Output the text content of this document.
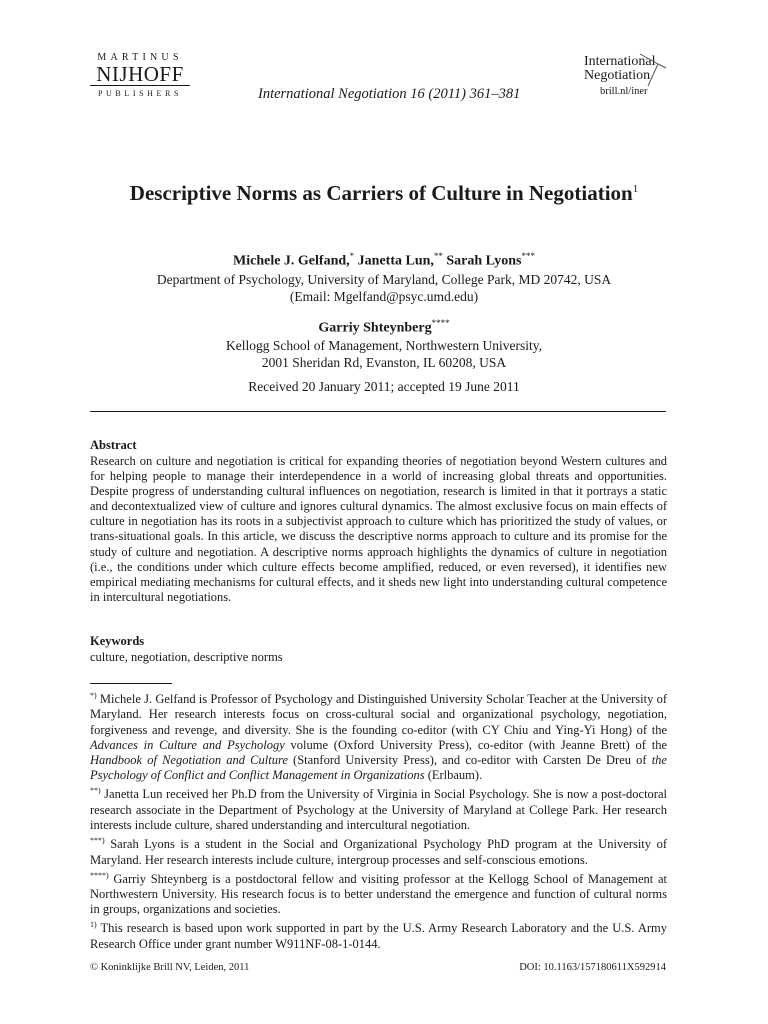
MARTINUS
NIJHOFF
PUBLISHERS	International Negotiation 16 (2011) 361–381
International
Negotiation
brill.nl/iner
Descriptive Norms as Carriers of Culture in Negotiation$^1$
Michele J. Gelfand,* Janetta Lun,** Sarah Lyons***
Department of Psychology, University of Maryland, College Park, MD 20742, USA
(Email: Mgelfand@psyc.umd.edu)
Garriy Shteynberg****
Kellogg School of Management, Northwestern University,
2001 Sheridan Rd, Evanston, IL 60208, USA
Received 20 January 2011; accepted 19 June 2011
Abstract
Research on culture and negotiation is critical for expanding theories of negotiation beyond Western cultures and for helping people to manage their interdependence in a world of increasing global threats and opportunities. Despite progress of understanding cultural influences on negotiation, research is limited in that it portrays a static and decontextualized view of culture and ignores cultural dynamics. The almost exclusive focus on main effects of culture in negotiation has its roots in a subjectivist approach to culture which has prioritized the study of values, or trans-situational goals. In this article, we discuss the descriptive norms approach to culture and its promise for the study of culture and negotiation. A descriptive norms approach highlights the dynamics of culture in negotiation (i.e., the conditions under which culture effects become amplified, reduced, or even reversed), it identifies new empirical mediating mechanisms for cultural effects, and it sheds new light into understanding cultural competence in intercultural negotiations.
Keywords
culture, negotiation, descriptive norms

*) Michele J. Gelfand is Professor of Psychology and Distinguished University Scholar Teacher at the University of Maryland. Her research interests focus on cross-cultural social and organizational psychology, negotiation, forgiveness and revenge, and diversity. She is the founding co-editor (with CY Chiu and Ying-Yi Hong) of the Advances in Culture and Psychology volume (Oxford University Press), co-editor (with Jeanne Brett) of the Handbook of Negotiation and Culture (Stanford University Press), and co-editor with Carsten De Dreu of the Psychology of Conflict and Conflict Management in Organizations (Erlbaum).

**) Janetta Lun received her Ph.D from the University of Virginia in Social Psychology. She is now a post-doctoral research associate in the Department of Psychology at the University of Maryland at College Park. Her research interests include culture, shared understanding and intercultural negotiation.

***) Sarah Lyons is a student in the Social and Organizational Psychology PhD program at the University of Maryland. Her research interests include culture, intergroup processes and self-conscious emotions.

****) Garriy Shteynberg is a postdoctoral fellow and visiting professor at the Kellogg School of Management at Northwestern University. His research focus is to better understand the emergence and function of cultural norms in groups, organizations and societies.

$^{1)}$ This research is based upon work supported in part by the U.S. Army Research Laboratory and the U.S. Army Research Office under grant number W911NF-08-1-0144.

© Koninklijke Brill NV, Leiden, 2011	DOI: 10.1163/157180611X592914
